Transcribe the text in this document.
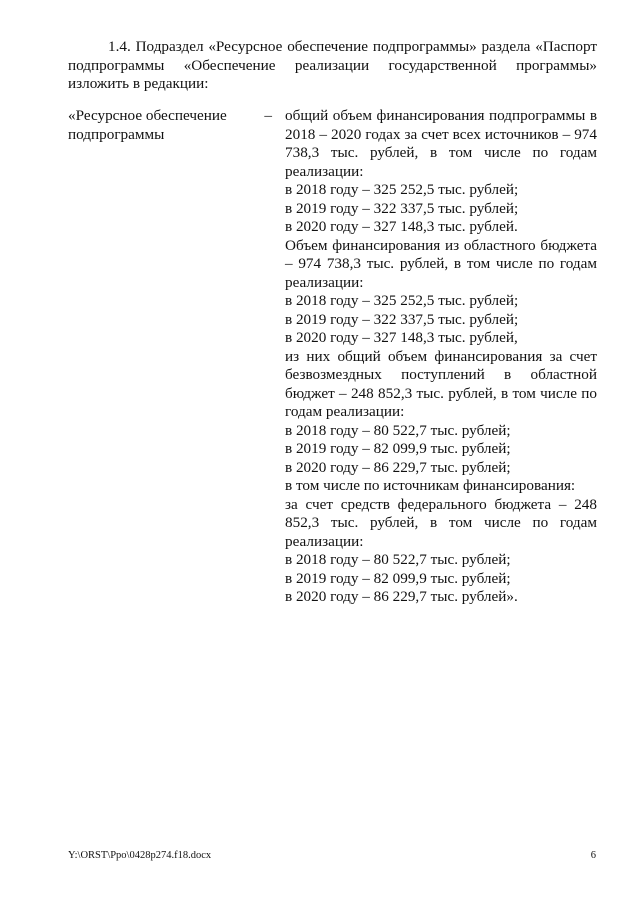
1.4. Подраздел «Ресурсное обеспечение подпрограммы» раздела «Паспорт подпрограммы «Обеспечение реализации государственной программы» изложить в редакции:

«Ресурсное обеспечение –
подпрограммы

общий объем финансирования подпрограммы в 2018 – 2020 годах за счет всех источников – 974 738,3 тыс. рублей, в том числе по годам реализации:

в 2018 году – 325 252,5 тыс. рублей;

в 2019 году – 322 337,5 тыс. рублей;

в 2020 году – 327 148,3 тыс. рублей.

Объем финансирования из областного бюджета – 974 738,3 тыс. рублей, в том числе по годам реализации:

в 2018 году – 325 252,5 тыс. рублей;

в 2019 году – 322 337,5 тыс. рублей;

в 2020 году – 327 148,3 тыс. рублей,

из них общий объем финансирования за счет безвозмездных поступлений в областной бюджет – 248 852,3 тыс. рублей, в том числе по годам реализации:

в 2018 году – 80 522,7 тыс. рублей;

в 2019 году – 82 099,9 тыс. рублей;

в 2020 году – 86 229,7 тыс. рублей;

в том числе по источникам финансирования:

за счет средств федерального бюджета – 248 852,3 тыс. рублей, в том числе по годам реализации:

в 2018 году – 80 522,7 тыс. рублей;

в 2019 году – 82 099,9 тыс. рублей;

в 2020 году – 86 229,7 тыс. рублей».

Y:\ORST\Ppo\0428p274.f18.docx	6
